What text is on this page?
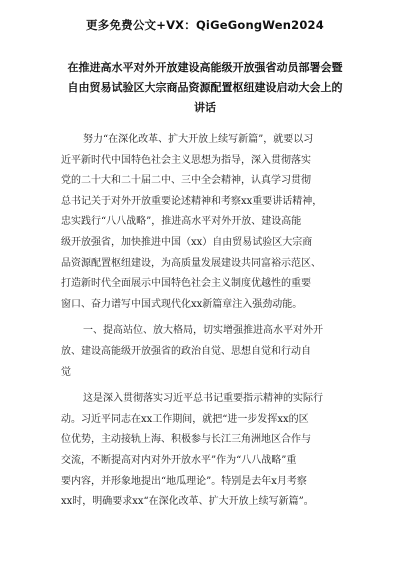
更多免费公文+VX：QiGeGongWen2024
在推进高水平对外开放建设高能级开放强省动员部署会暨
自由贸易试验区大宗商品资源配置枢纽建设启动大会上的
讲话
努力“在深化改革、扩大开放上续写新篇”，就要以习
近平新时代中国特色社会主义思想为指导，深入贯彻落实
党的二十大和二十届二中、三中全会精神，认真学习贯彻
总书记关于对外开放重要论述精神和考察xx重要讲话精神，
忠实践行“八八战略”，推进高水平对外开放、建设高能
级开放强省，加快推进中国（xx）自由贸易试验区大宗商
品资源配置枢纽建设，为高质量发展建设共同富裕示范区、
打造新时代全面展示中国特色社会主义制度优越性的重要
窗口、奋力谱写中国式现代化xx新篇章注入强劲动能。
一、提高站位、放大格局，切实增强推进高水平对外开
放、建设高能级开放强省的政治自觉、思想自觉和行动自
觉
这是深入贯彻落实习近平总书记重要指示精神的实际行
动。习近平同志在xx工作期间，就把“进一步发挥xx的区
位优势，主动接轨上海、积极参与长江三角洲地区合作与
交流，不断提高对内对外开放水平”作为“八八战略”重
要内容，并形象地提出“地瓜理论”。特别是去年x月考察
xx时，明确要求xx“在深化改革、扩大开放上续写新篇”。
